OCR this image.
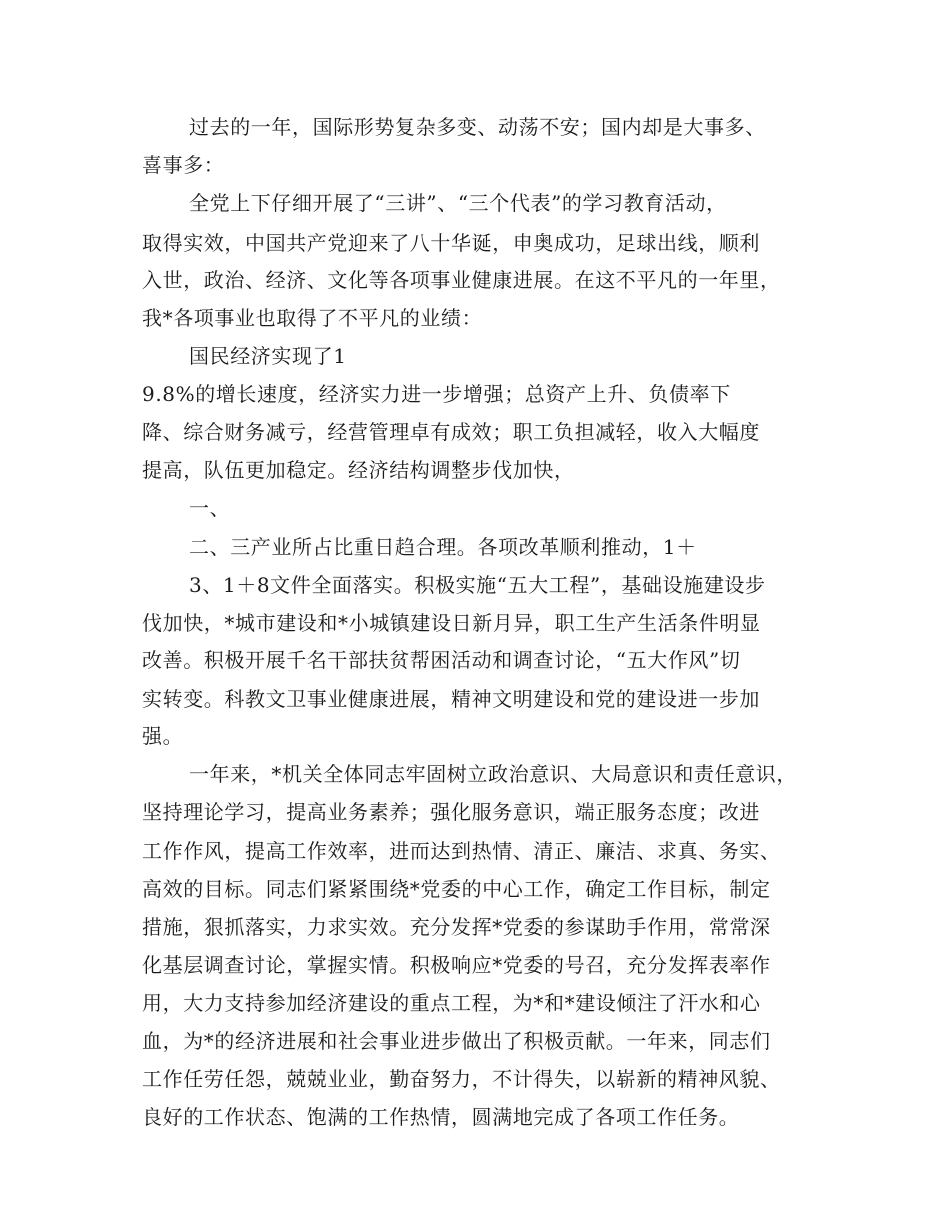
过去的一年，国际形势复杂多变、动荡不安；国内却是大事多、
喜事多：
全党上下仔细开展了“三讲”、“三个代表”的学习教育活动，
取得实效，中国共产党迎来了八十华诞，申奥成功，足球出线，顺利
入世，政治、经济、文化等各项事业健康进展。在这不平凡的一年里，
我*各项事业也取得了不平凡的业绩：
国民经济实现了1
9.8%的增长速度，经济实力进一步增强；总资产上升、负债率下
降、综合财务减亏，经营管理卓有成效；职工负担减轻，收入大幅度
提高，队伍更加稳定。经济结构调整步伐加快，
一、
二、三产业所占比重日趋合理。各项改革顺利推动，1＋
3、1＋8文件全面落实。积极实施“五大工程”，基础设施建设步
伐加快，*城市建设和*小城镇建设日新月异，职工生产生活条件明显
改善。积极开展千名干部扶贫帮困活动和调查讨论，“五大作风”切
实转变。科教文卫事业健康进展，精神文明建设和党的建设进一步加
强。
一年来，*机关全体同志牢固树立政治意识、大局意识和责任意识，
坚持理论学习，提高业务素养；强化服务意识，端正服务态度；改进
工作作风，提高工作效率，进而达到热情、清正、廉洁、求真、务实、
高效的目标。同志们紧紧围绕*党委的中心工作，确定工作目标，制定
措施，狠抓落实，力求实效。充分发挥*党委的参谋助手作用，常常深
化基层调查讨论，掌握实情。积极响应*党委的号召，充分发挥表率作
用，大力支持参加经济建设的重点工程，为*和*建设倾注了汗水和心
血，为*的经济进展和社会事业进步做出了积极贡献。一年来，同志们
工作任劳任怨，兢兢业业，勤奋努力，不计得失，以崭新的精神风貌、
良好的工作状态、饱满的工作热情，圆满地完成了各项工作任务。
